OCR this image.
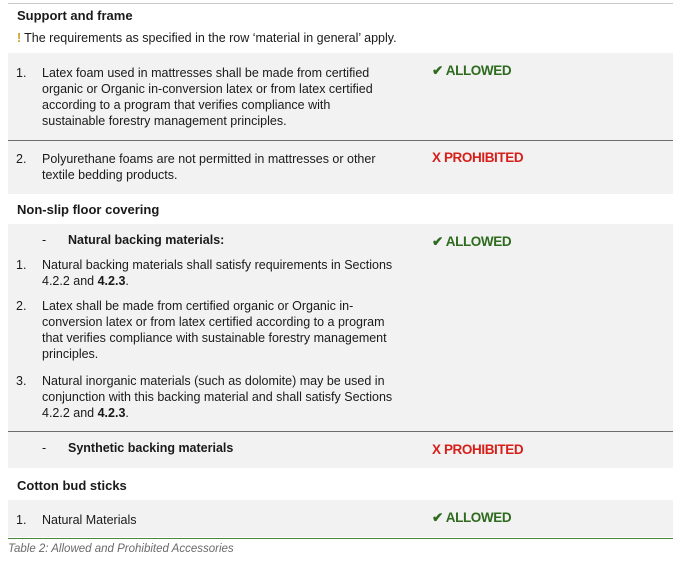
Support and frame
! The requirements as specified in the row ‘material in general’ apply.
1. Latex foam used in mattresses shall be made from certified
organic or Organic in-conversion latex or from latex certified
according to a program that verifies compliance with
sustainable forestry management principles.
✔ ALLOWED
2. Polyurethane foams are not permitted in mattresses or other
textile bedding products.
X PROHIBITED
Non-slip floor covering
- Natural backing materials:	✔ ALLOWED
1. Natural backing materials shall satisfy requirements in Sections
4.2.2 and 4.2.3.
2. Latex shall be made from certified organic or Organic in-
conversion latex or from latex certified according to a program
that verifies compliance with sustainable forestry management
principles.
3. Natural inorganic materials (such as dolomite) may be used in
conjunction with this backing material and shall satisfy Sections
4.2.2 and 4.2.3.
- Synthetic backing materials	X PROHIBITED
Cotton bud sticks
1. Natural Materials	✔ ALLOWED
Table 2: Allowed and Prohibited Accessories
